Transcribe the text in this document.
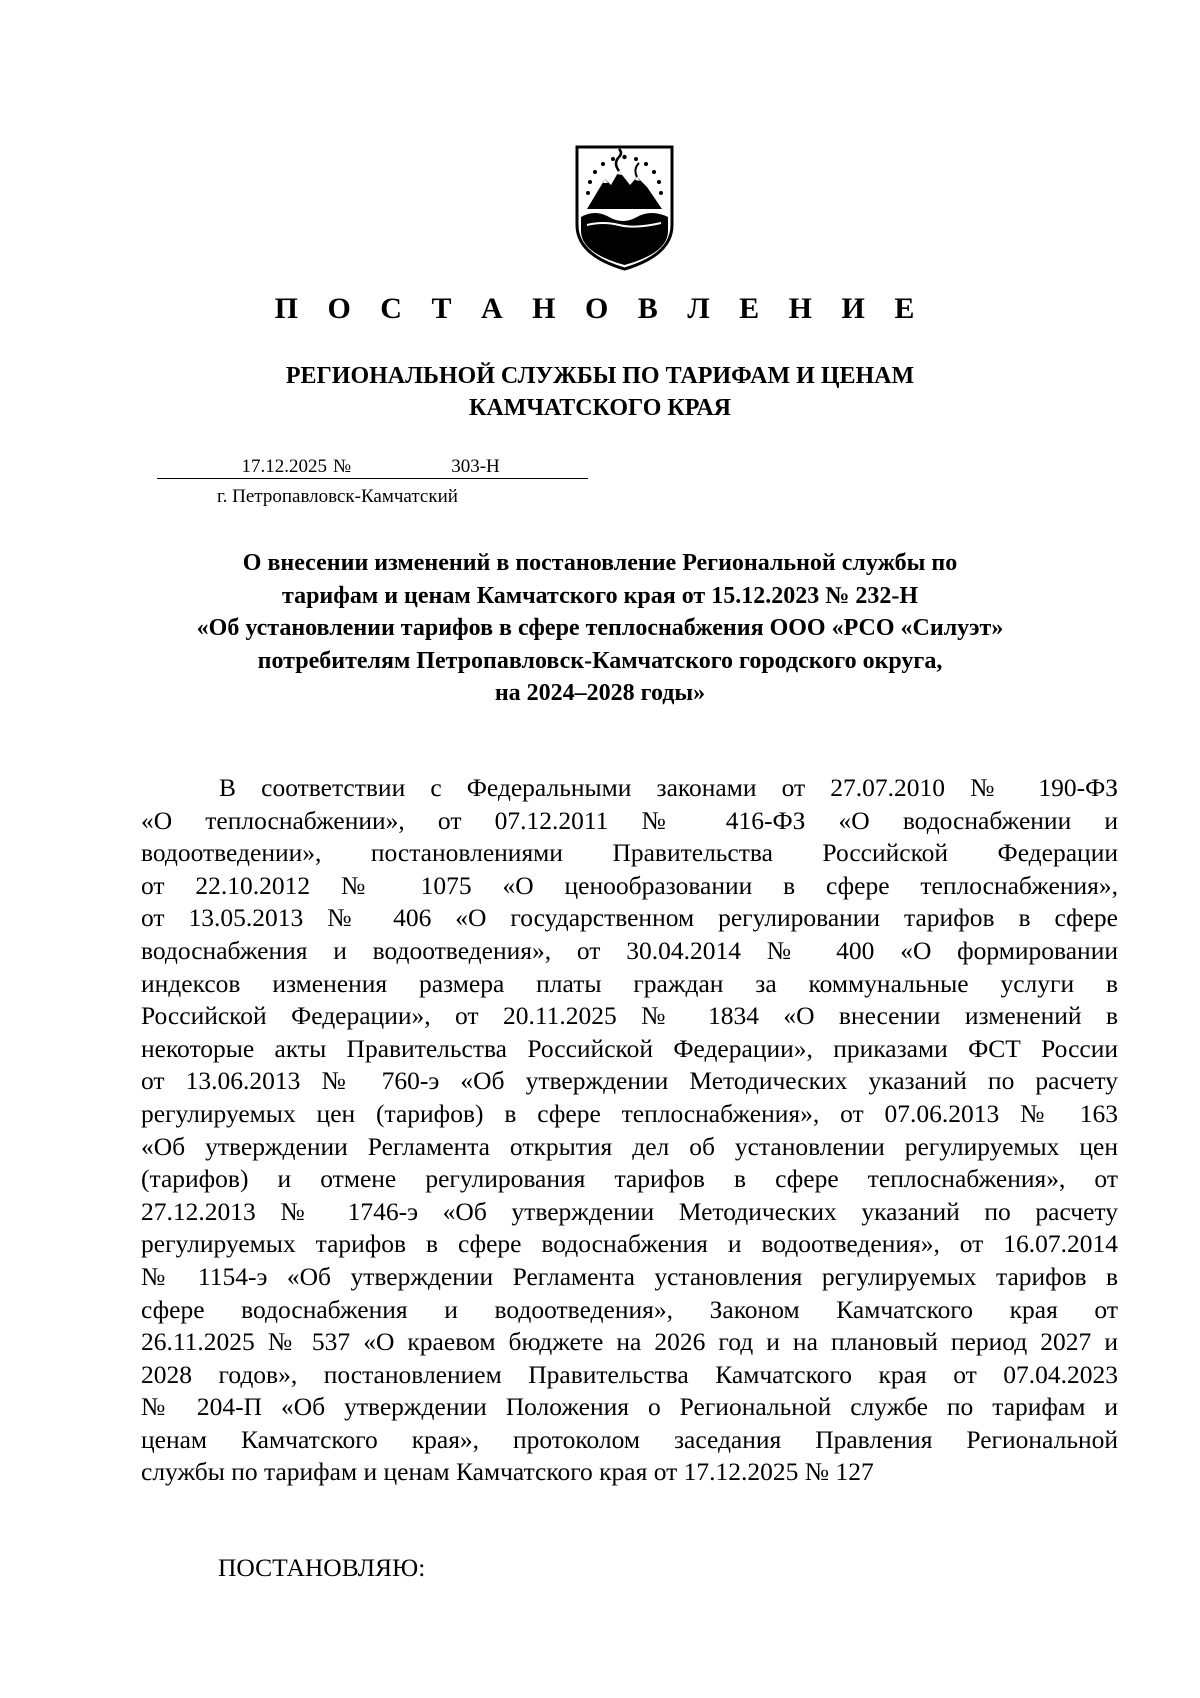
П О С Т А Н О В Л Е Н И Е
РЕГИОНАЛЬНОЙ СЛУЖБЫ ПО ТАРИФАМ И ЦЕНАМ
КАМЧАТСКОГО КРАЯ
17.12.2025 №	303-Н
г. Петропавловск-Камчатский
О внесении изменений в постановление Региональной службы по
тарифам и ценам Камчатского края от 15.12.2023 № 232-Н
«Об установлении тарифов в сфере теплоснабжения ООО «РСО «Силуэт»
потребителям Петропавловск-Камчатского городского округа,
на 2024–2028 годы»
В соответствии с Федеральными законами от 27.07.2010 № 190-ФЗ
«О теплоснабжении», от 07.12.2011 № 416-ФЗ «О водоснабжении и
водоотведении», постановлениями Правительства Российской Федерации
от 22.10.2012 № 1075 «О ценообразовании в сфере теплоснабжения»,
от 13.05.2013 № 406 «О государственном регулировании тарифов в сфере
водоснабжения и водоотведения», от 30.04.2014 № 400 «О формировании
индексов изменения размера платы граждан за коммунальные услуги в
Российской Федерации», от 20.11.2025 № 1834 «О внесении изменений в
некоторые акты Правительства Российской Федерации», приказами ФСТ России
от 13.06.2013 № 760-э «Об утверждении Методических указаний по расчету
регулируемых цен (тарифов) в сфере теплоснабжения», от 07.06.2013 № 163
«Об утверждении Регламента открытия дел об установлении регулируемых цен
(тарифов) и отмене регулирования тарифов в сфере теплоснабжения», от
27.12.2013 № 1746-э «Об утверждении Методических указаний по расчету
регулируемых тарифов в сфере водоснабжения и водоотведения», от 16.07.2014
№ 1154-э «Об утверждении Регламента установления регулируемых тарифов в
сфере водоснабжения и водоотведения», Законом Камчатского края от
26.11.2025 № 537 «О краевом бюджете на 2026 год и на плановый период 2027 и
2028 годов», постановлением Правительства Камчатского края от 07.04.2023
№ 204-П «Об утверждении Положения о Региональной службе по тарифам и
ценам Камчатского края», протоколом заседания Правления Региональной
службы по тарифам и ценам Камчатского края от 17.12.2025 № 127
ПОСТАНОВЛЯЮ:
